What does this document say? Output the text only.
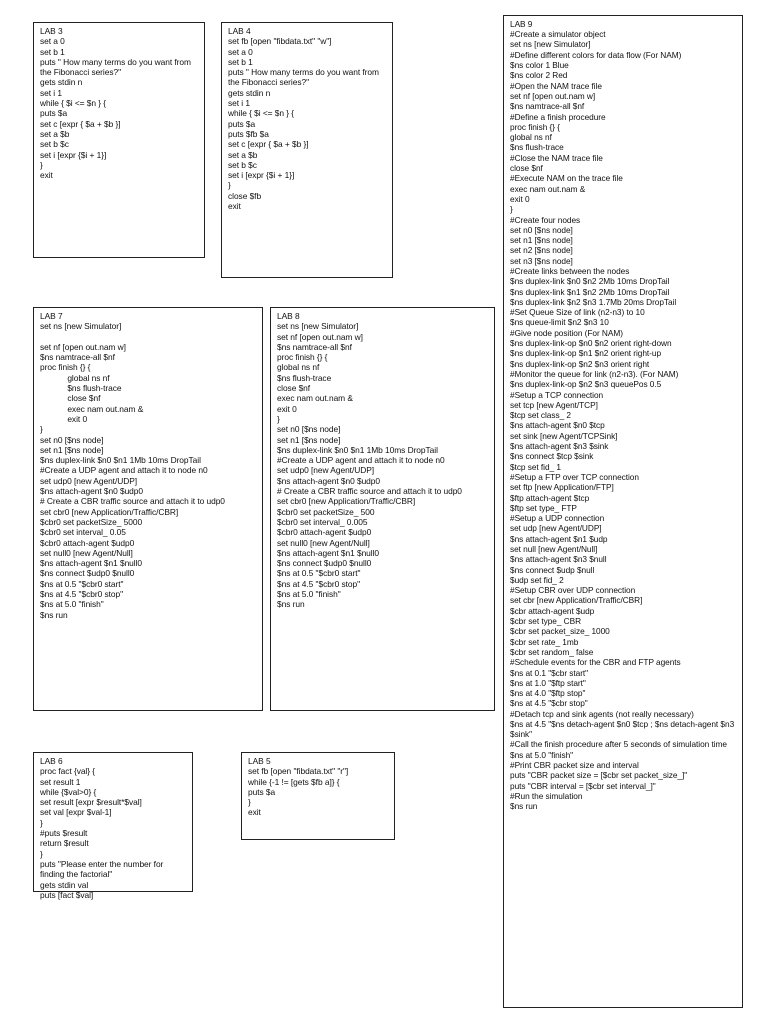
LAB 3
set a 0
set b 1
puts " How many terms do you want from the Fibonacci series?"
gets stdin n
set i 1
while { $i <= $n } {
puts $a
set c [expr { $a + $b }]
set a $b
set b $c
set i [expr {$i + 1}]
}
exit
LAB 4
set fb [open "fibdata.txt" "w"]
set a 0
set b 1
puts " How many terms do you want from the Fibonacci series?"
gets stdin n
set i 1
while { $i <= $n } {
puts $a
puts $fb $a
set c [expr { $a + $b }]
set a $b
set b $c
set i [expr {$i + 1}]
}
close $fb
exit
LAB 9
#Create a simulator object
set ns [new Simulator]
#Define different colors for data flow (For NAM)
$ns color 1 Blue
$ns color 2 Red
#Open the NAM trace file
set nf [open out.nam w]
$ns namtrace-all $nf
#Define a finish procedure
proc finish {} {
global ns nf
$ns flush-trace
#Close the NAM trace file
close $nf
#Execute NAM on the trace file
exec nam out.nam &
exit 0
}
#Create four nodes
set n0 [$ns node]
set n1 [$ns node]
set n2 [$ns node]
set n3 [$ns node]
#Create links between the nodes
$ns duplex-link $n0 $n2 2Mb 10ms DropTail
$ns duplex-link $n1 $n2 2Mb 10ms DropTail
$ns duplex-link $n2 $n3 1.7Mb 20ms DropTail
#Set Queue Size of link (n2-n3) to 10
$ns queue-limit $n2 $n3 10
#Give node position (For NAM)
$ns duplex-link-op $n0 $n2 orient right-down
$ns duplex-link-op $n1 $n2 orient right-up
$ns duplex-link-op $n2 $n3 orient right
#Monitor the queue for link (n2-n3). (For NAM)
$ns duplex-link-op $n2 $n3 queuePos 0.5
#Setup a TCP connection
set tcp [new Agent/TCP]
$tcp set class_ 2
$ns attach-agent $n0 $tcp
set sink [new Agent/TCPSink]
$ns attach-agent $n3 $sink
$ns connect $tcp $sink
$tcp set fid_ 1
#Setup a FTP over TCP connection
set ftp [new Application/FTP]
$ftp attach-agent $tcp
$ftp set type_ FTP
#Setup a UDP connection
set udp [new Agent/UDP]
$ns attach-agent $n1 $udp
set null [new Agent/Null]
$ns attach-agent $n3 $null
$ns connect $udp $null
$udp set fid_ 2
#Setup CBR over UDP connection
set cbr [new Application/Traffic/CBR]
$cbr attach-agent $udp
$cbr set type_ CBR
$cbr set packet_size_ 1000
$cbr set rate_ 1mb
$cbr set random_ false
#Schedule events for the CBR and FTP agents
$ns at 0.1 "$cbr start"
$ns at 1.0 "$ftp start"
$ns at 4.0 "$ftp stop"
$ns at 4.5 "$cbr stop"
#Detach tcp and sink agents (not really necessary)
$ns at 4.5 "$ns detach-agent $n0 $tcp ; $ns detach-agent $n3 $sink"
#Call the finish procedure after 5 seconds of simulation time
$ns at 5.0 "finish"
#Print CBR packet size and interval
puts "CBR packet size = [$cbr set packet_size_]"
puts "CBR interval = [$cbr set interval_]"
#Run the simulation
$ns run
LAB 7
set ns [new Simulator]
set nf [open out.nam w]
$ns namtrace-all $nf
proc finish {} {
global ns nf
$ns flush-trace
close $nf
exec nam out.nam &
exit 0
}
set n0 [$ns node]
set n1 [$ns node]
$ns duplex-link $n0 $n1 1Mb 10ms DropTail
#Create a UDP agent and attach it to node n0
set udp0 [new Agent/UDP]
$ns attach-agent $n0 $udp0
# Create a CBR traffic source and attach it to udp0
set cbr0 [new Application/Traffic/CBR]
$cbr0 set packetSize_ 5000
$cbr0 set interval_ 0.05
$cbr0 attach-agent $udp0
set null0 [new Agent/Null]
$ns attach-agent $n1 $null0
$ns connect $udp0 $null0
$ns at 0.5 "$cbr0 start"
$ns at 4.5 "$cbr0 stop"
$ns at 5.0 "finish"
$ns run
LAB 8
set ns [new Simulator]
set nf [open out.nam w]
$ns namtrace-all $nf
proc finish {} {
global ns nf
$ns flush-trace
close $nf
exec nam out.nam &
exit 0
}
set n0 [$ns node]
set n1 [$ns node]
$ns duplex-link $n0 $n1 1Mb 10ms DropTail
#Create a UDP agent and attach it to node n0
set udp0 [new Agent/UDP]
$ns attach-agent $n0 $udp0
# Create a CBR traffic source and attach it to udp0
set cbr0 [new Application/Traffic/CBR]
$cbr0 set packetSize_ 500
$cbr0 set interval_ 0.005
$cbr0 attach-agent $udp0
set null0 [new Agent/Null]
$ns attach-agent $n1 $null0
$ns connect $udp0 $null0
$ns at 0.5 "$cbr0 start"
$ns at 4.5 "$cbr0 stop"
$ns at 5.0 "finish"
$ns run
LAB 6
proc fact {val} {
set result 1
while {$val>0} {
set result [expr $result*$val]
set val [expr $val-1]
}
#puts $result
return $result
}
puts "Please enter the number for finding the factorial"
gets stdin val
puts [fact $val]
LAB 5
set fb [open "fibdata.txt" "r"]
while {-1 != [gets $fb a]} {
puts $a
}
exit
